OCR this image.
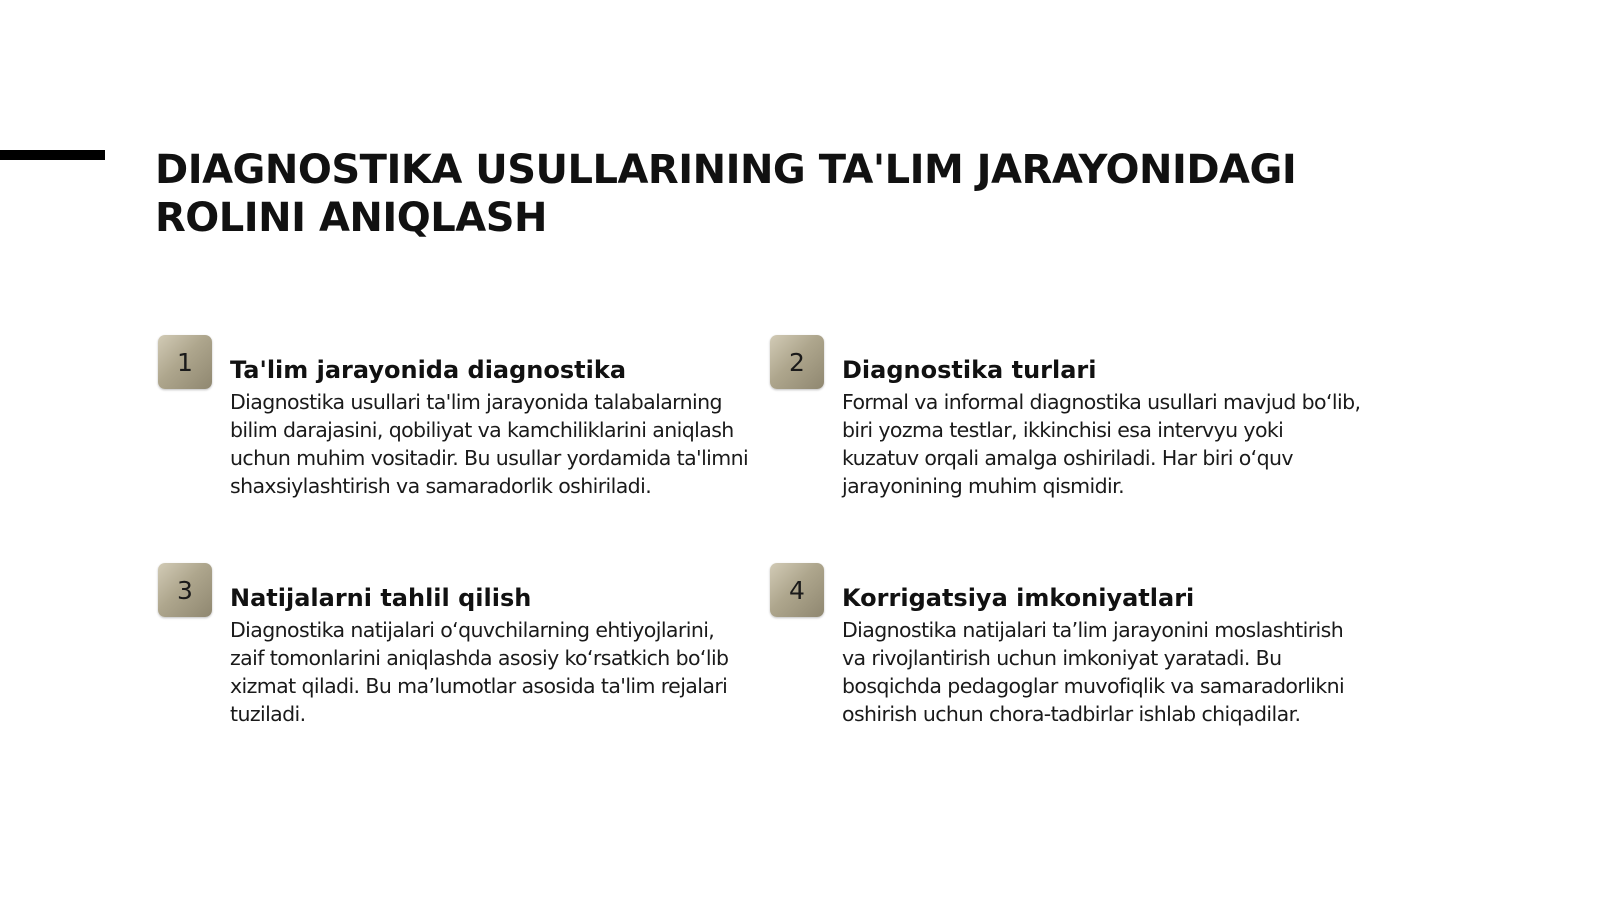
DIAGNOSTIKA USULLARINING TA'LIM JARAYONIDAGI
ROLINI ANIQLASH
1	Ta'lim jarayonida diagnostika

Diagnostika usullari ta'lim jarayonida talabalarning bilim darajasini, qobiliyat va kamchiliklarini aniqlash uchun muhim vositadir. Bu usullar yordamida ta'limni shaxsiylashtirish va samaradorlik oshiriladi.

2	Diagnostika turlari

Formal va informal diagnostika usullari mavjud bo‘lib, biri yozma testlar, ikkinchisi esa intervyu yoki kuzatuv orqali amalga oshiriladi. Har biri o‘quv jarayonining muhim qismidir.

3	Natijalarni tahlil qilish

Diagnostika natijalari o‘quvchilarning ehtiyojlarini, zaif tomonlarini aniqlashda asosiy ko‘rsatkich bo‘lib xizmat qiladi. Bu ma’lumotlar asosida ta'lim rejalari tuziladi.

4	Korrigatsiya imkoniyatlari

Diagnostika natijalari ta’lim jarayonini moslashtirish va rivojlantirish uchun imkoniyat yaratadi. Bu bosqichda pedagoglar muvofiqlik va samaradorlikni oshirish uchun chora-tadbirlar ishlab chiqadilar.
